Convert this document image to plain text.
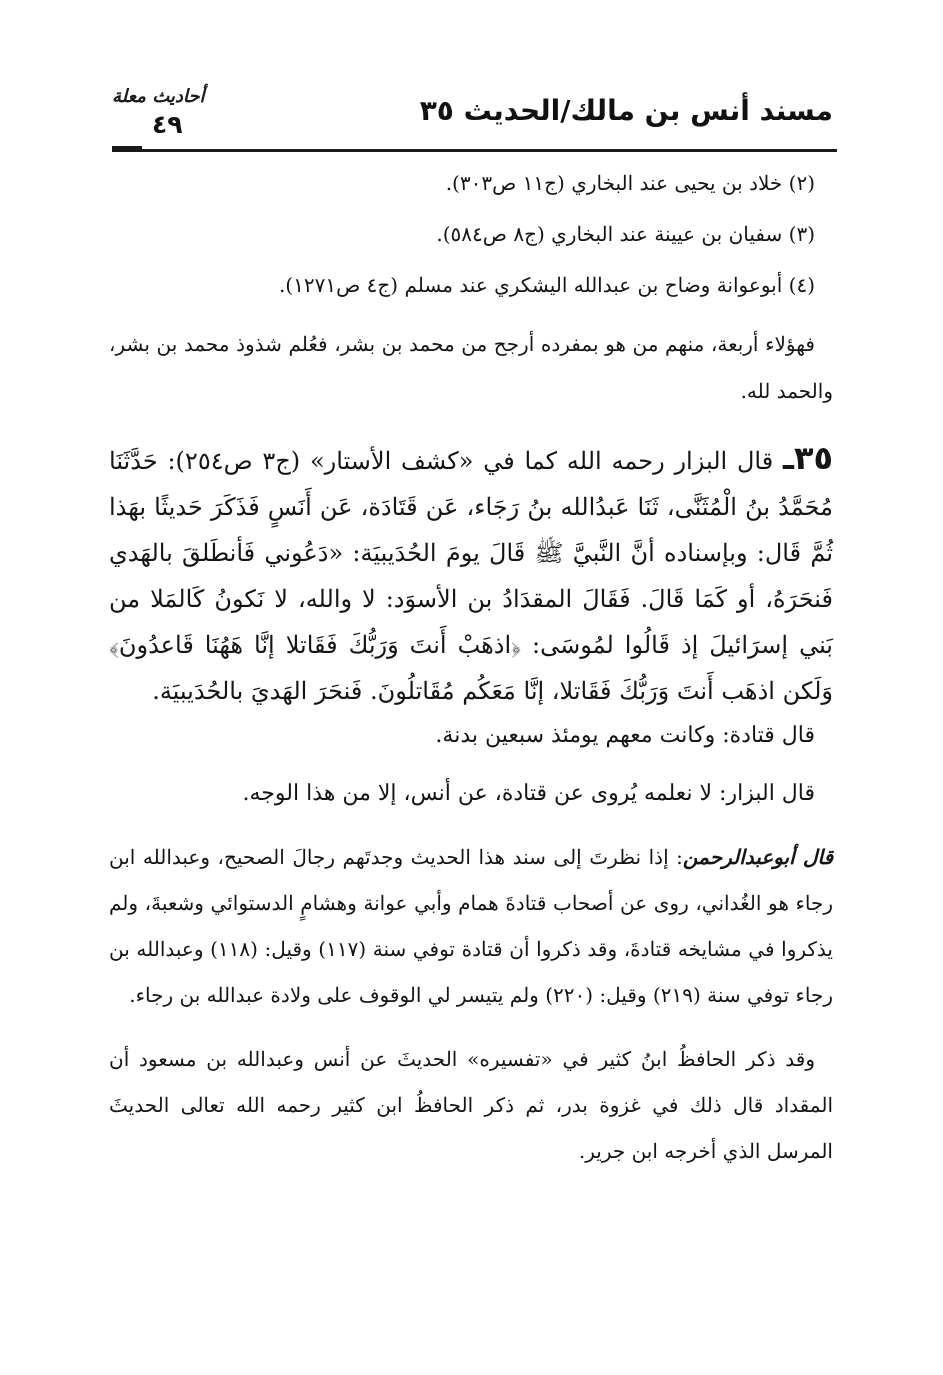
مسند أنس بن مالك/الحديث ٣٥
أحاديث معلة
٤٩
(٢) خلاد بن يحيى عند البخاري (ج١١ ص٣٠٣).
(٣) سفيان بن عيينة عند البخاري (ج٨ ص٥٨٤).
(٤) أبوعوانة وضاح بن عبدالله اليشكري عند مسلم (ج٤ ص١٢٧١).
فهؤلاء أربعة، منهم من هو بمفرده أرجح من محمد بن بشر، فعُلم شذوذ محمد بن بشر، والحمد لله.
٣٥ـ قال البزار رحمه الله كما في «كشف الأستار» (ج٣ ص٢٥٤): حَدَّثَنَا مُحَمَّدُ بنُ الْمُثَنَّى، ثَنَا عَبدُالله بنُ رَجَاء، عَن قَتَادَة، عَن أَنَسٍ فَذَكَرَ حَديثًا بهَذا ثُمَّ قَال: وبإسناده أنَّ النَّبيَّ ﷺ قَالَ يومَ الحُدَيبيَة: «دَعُوني فَأنطَلقَ بالهَدي فَنحَرَهُ، أو كَمَا قَالَ. فَقَالَ المقدَادُ بن الأسوَد: لا والله، لا نَكونُ كَالمَلا من بَني إسرَائيلَ إذ قَالُوا لمُوسَى: ﴿اذهَبْ أَنتَ وَرَبُّكَ فَقَاتلا إنَّا هَهُنَا قَاعدُونَ﴾ وَلَكن اذهَب أَنتَ وَرَبُّكَ فَقَاتلا، إنَّا مَعَكُم مُقَاتلُونَ. فَنحَرَ الهَديَ بالحُدَيبيَة.
قال قتادة: وكانت معهم يومئذ سبعين بدنة.
قال البزار: لا نعلمه يُروى عن قتادة، عن أنس، إلا من هذا الوجه.
قال أبوعبدالرحمن: إذا نظرتَ إلى سند هذا الحديث وجدتَهم رجالَ الصحيح، وعبدالله ابن رجاء هو الغُداني، روى عن أصحاب قتادةَ همام وأبي عوانة وهشامٍ الدستوائي وشعبةَ، ولم يذكروا في مشايخه قتادةَ، وقد ذكروا أن قتادة توفي سنة (١١٧) وقيل: (١١٨) وعبدالله بن رجاء توفي سنة (٢١٩) وقيل: (٢٢٠) ولم يتيسر لي الوقوف على ولادة عبدالله بن رجاء.
وقد ذكر الحافظُ ابنُ كثير في «تفسيره» الحديثَ عن أنس وعبدالله بن مسعود أن المقداد قال ذلك في غزوة بدر، ثم ذكر الحافظُ ابن كثير رحمه الله تعالى الحديثَ المرسل الذي أخرجه ابن جرير.
